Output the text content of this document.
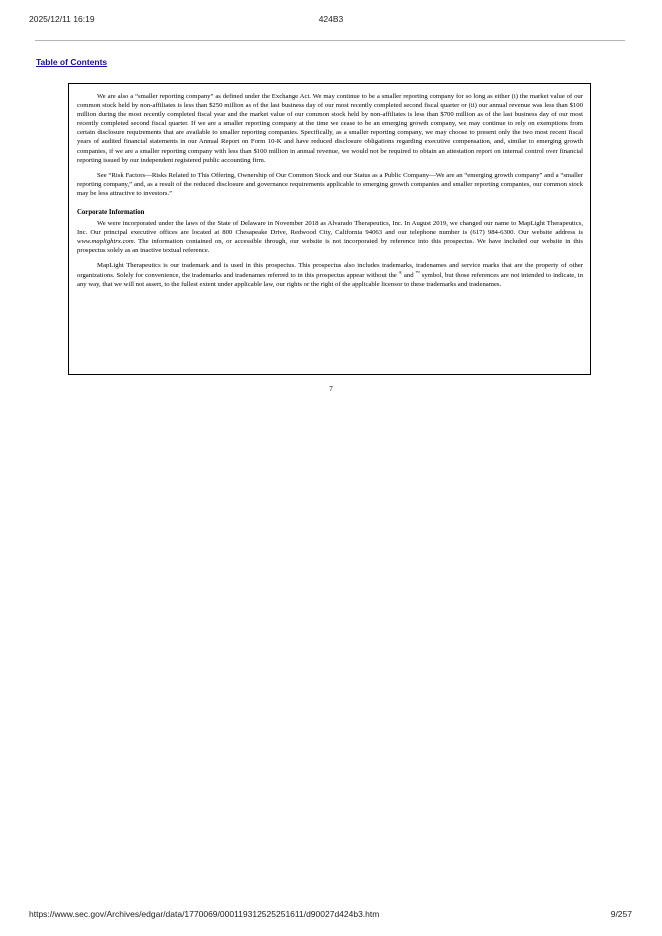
2025/12/11 16:19	424B3
Table of Contents

We are also a “smaller reporting company” as defined under the Exchange Act. We may continue to be a smaller reporting company for so long as either (i) the market value of our common stock held by non-affiliates is less than $250 million as of the last business day of our most recently completed second fiscal quarter or (ii) our annual revenue was less than $100 million during the most recently completed fiscal year and the market value of our common stock held by non-affiliates is less than $700 million as of the last business day of our most recently completed second fiscal quarter. If we are a smaller reporting company at the time we cease to be an emerging growth company, we may continue to rely on exemptions from certain disclosure requirements that are available to smaller reporting companies. Specifically, as a smaller reporting company, we may choose to present only the two most recent fiscal years of audited financial statements in our Annual Report on Form 10-K and have reduced disclosure obligations regarding executive compensation, and, similar to emerging growth companies, if we are a smaller reporting company with less than $100 million in annual revenue, we would not be required to obtain an attestation report on internal control over financial reporting issued by our independent registered public accounting firm.

See “Risk Factors—Risks Related to This Offering, Ownership of Our Common Stock and our Status as a Public Company—We are an “emerging growth company” and a “smaller reporting company,” and, as a result of the reduced disclosure and governance requirements applicable to emerging growth companies and smaller reporting companies, our common stock may be less attractive to investors.”

Corporate Information

We were incorporated under the laws of the State of Delaware in November 2018 as Alvarado Therapeutics, Inc. In August 2019, we changed our name to MapLight Therapeutics, Inc. Our principal executive offices are located at 800 Chesapeake Drive, Redwood City, California 94063 and our telephone number is (617) 984-6300. Our website address is www.maplightrx.com. The information contained on, or accessible through, our website is not incorporated by reference into this prospectus. We have included our website in this prospectus solely as an inactive textual reference.

MapLight Therapeutics is our trademark and is used in this prospectus. This prospectus also includes trademarks, tradenames and service marks that are the property of other organizations. Solely for convenience, the trademarks and tradenames referred to in this prospectus appear without the ® and ™ symbol, but those references are not intended to indicate, in any way, that we will not assert, to the fullest extent under applicable law, our rights or the right of the applicable licensor to these trademarks and tradenames.

7
https://www.sec.gov/Archives/edgar/data/1770069/000119312525251611/d90027d424b3.htm	9/257
